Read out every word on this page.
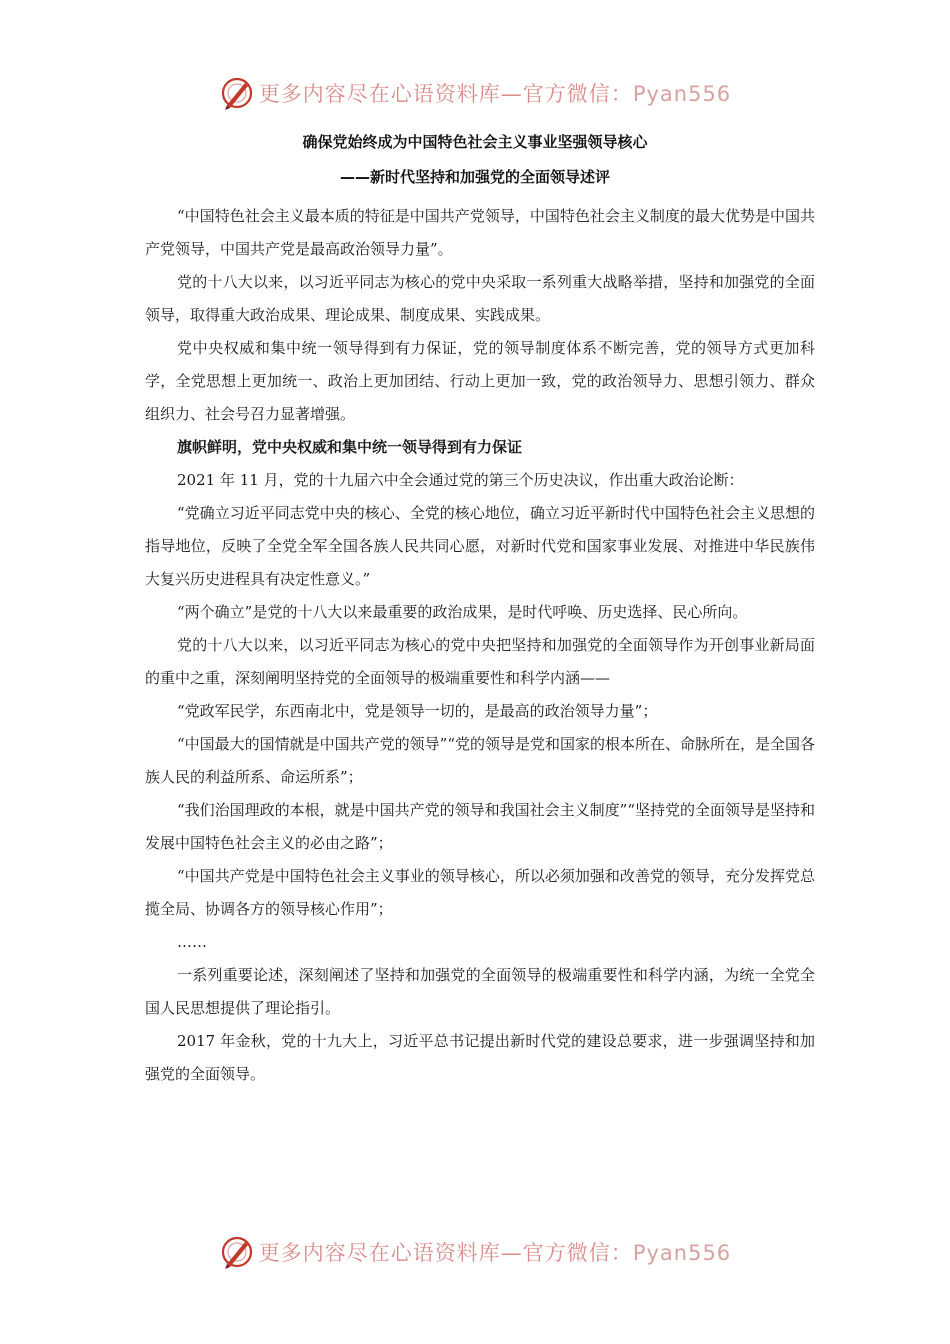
更多内容尽在心语资料库—官方微信：Pyan556
确保党始终成为中国特色社会主义事业坚强领导核心
——新时代坚持和加强党的全面领导述评

“中国特色社会主义最本质的特征是中国共产党领导，中国特色社会主义制度的最大优势是中国共产党领导，中国共产党是最高政治领导力量”。

党的十八大以来，以习近平同志为核心的党中央采取一系列重大战略举措，坚持和加强党的全面领导，取得重大政治成果、理论成果、制度成果、实践成果。

党中央权威和集中统一领导得到有力保证，党的领导制度体系不断完善，党的领导方式更加科学，全党思想上更加统一、政治上更加团结、行动上更加一致，党的政治领导力、思想引领力、群众组织力、社会号召力显著增强。

旗帜鲜明，党中央权威和集中统一领导得到有力保证

2021 年 11 月，党的十九届六中全会通过党的第三个历史决议，作出重大政治论断：

“党确立习近平同志党中央的核心、全党的核心地位，确立习近平新时代中国特色社会主义思想的指导地位，反映了全党全军全国各族人民共同心愿，对新时代党和国家事业发展、对推进中华民族伟大复兴历史进程具有决定性意义。”

“两个确立”是党的十八大以来最重要的政治成果，是时代呼唤、历史选择、民心所向。

党的十八大以来，以习近平同志为核心的党中央把坚持和加强党的全面领导作为开创事业新局面的重中之重，深刻阐明坚持党的全面领导的极端重要性和科学内涵——

“党政军民学，东西南北中，党是领导一切的，是最高的政治领导力量”；

“中国最大的国情就是中国共产党的领导”“党的领导是党和国家的根本所在、命脉所在，是全国各族人民的利益所系、命运所系”；

“我们治国理政的本根，就是中国共产党的领导和我国社会主义制度”“坚持党的全面领导是坚持和发展中国特色社会主义的必由之路”；

“中国共产党是中国特色社会主义事业的领导核心，所以必须加强和改善党的领导，充分发挥党总揽全局、协调各方的领导核心作用”；

……

一系列重要论述，深刻阐述了坚持和加强党的全面领导的极端重要性和科学内涵，为统一全党全国人民思想提供了理论指引。

2017 年金秋，党的十九大上，习近平总书记提出新时代党的建设总要求，进一步强调坚持和加强党的全面领导。

更多内容尽在心语资料库—官方微信：Pyan556
